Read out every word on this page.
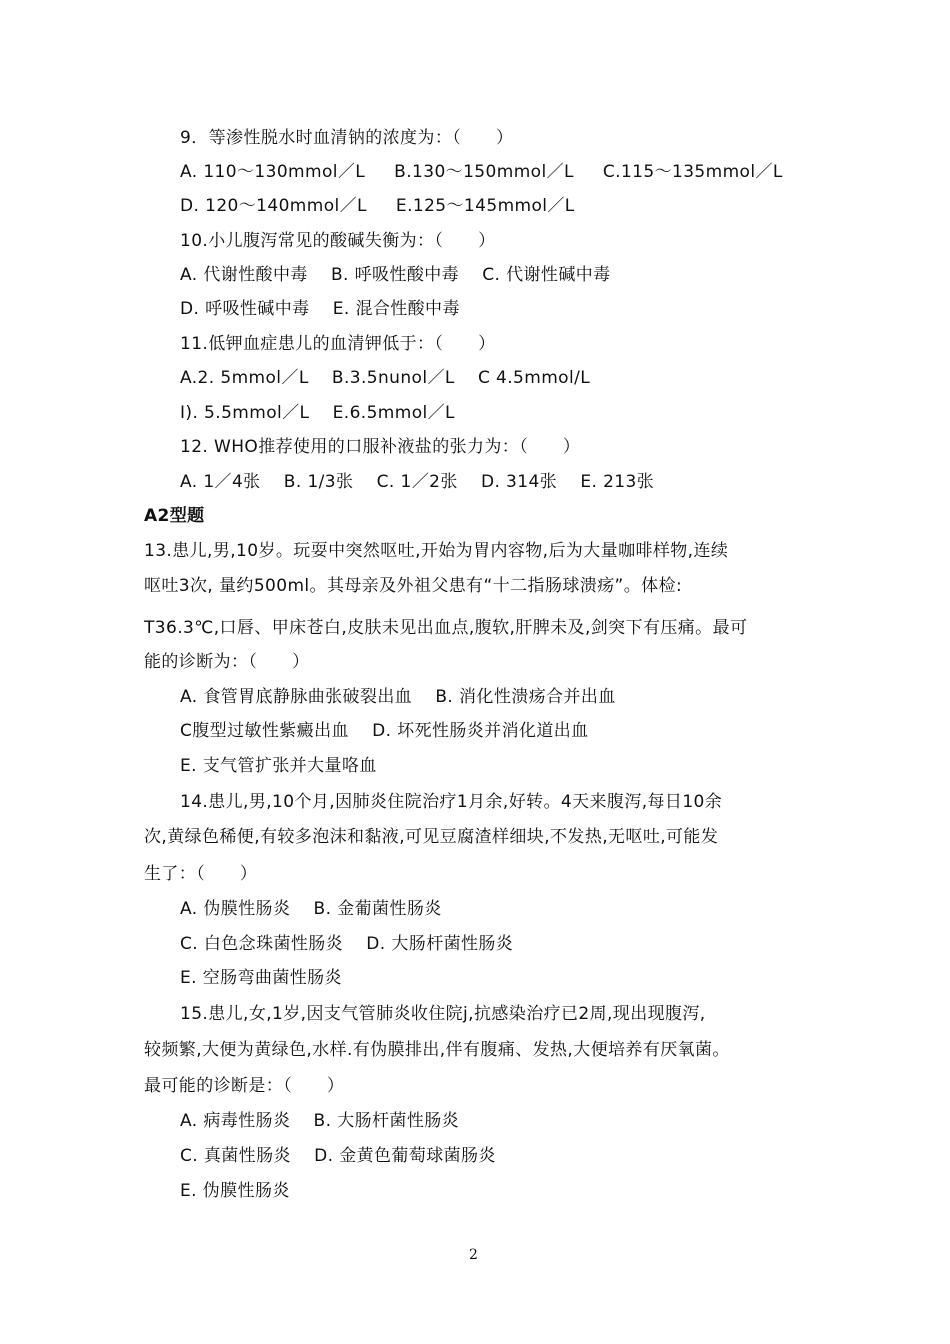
9．等渗性脱水时血清钠的浓度为：（      ）
A. 110～130mmol／L     B.130～150mmol／L     C.115～135mmol／L
D. 120～140mmol／L     E.125～145mmol／L
10.小儿腹泻常见的酸碱失衡为：（      ）
A. 代谢性酸中毒    B. 呼吸性酸中毒    C. 代谢性碱中毒
D. 呼吸性碱中毒    E. 混合性酸中毒
11.低钾血症患儿的血清钾低于：（      ）
A.2. 5mmol／L    B.3.5nunol／L    C 4.5mmol/L
I). 5.5mmol／L    E.6.5mmol／L
12. WHO推荐使用的口服补液盐的张力为：（      ）
A. 1／4张    B. 1/3张    C. 1／2张    D. 314张    E. 213张
A2型题
13.患儿,男,10岁。玩耍中突然呕吐,开始为胃内容物,后为大量咖啡样物,连续
呕吐3次, 量约500ml。其母亲及外祖父患有“十二指肠球溃疡”。体检:
T36.3℃,口唇、甲床苍白,皮肤未见出血点,腹软,肝脾未及,剑突下有压痛。最可
能的诊断为：（      ）
A. 食管胃底静脉曲张破裂出血    B. 消化性溃疡合并出血
C腹型过敏性紫癜出血    D. 坏死性肠炎并消化道出血
E. 支气管扩张并大量咯血
14.患儿,男,10个月,因肺炎住院治疗1月余,好转。4天来腹泻,每日10余
次,黄绿色稀便,有较多泡沫和黏液,可见豆腐渣样细块,不发热,无呕吐,可能发
生了：（      ）
A. 伪膜性肠炎    B. 金葡菌性肠炎
C. 白色念珠菌性肠炎    D. 大肠杆菌性肠炎
E. 空肠弯曲菌性肠炎
15.患儿,女,1岁,因支气管肺炎收住院j,抗感染治疗已2周,现出现腹泻,
较频繁,大便为黄绿色,水样.有伪膜排出,伴有腹痛、发热,大便培养有厌氧菌。
最可能的诊断是：（      ）
A. 病毒性肠炎    B. 大肠杆菌性肠炎
C. 真菌性肠炎    D. 金黄色葡萄球菌肠炎
E. 伪膜性肠炎
2
